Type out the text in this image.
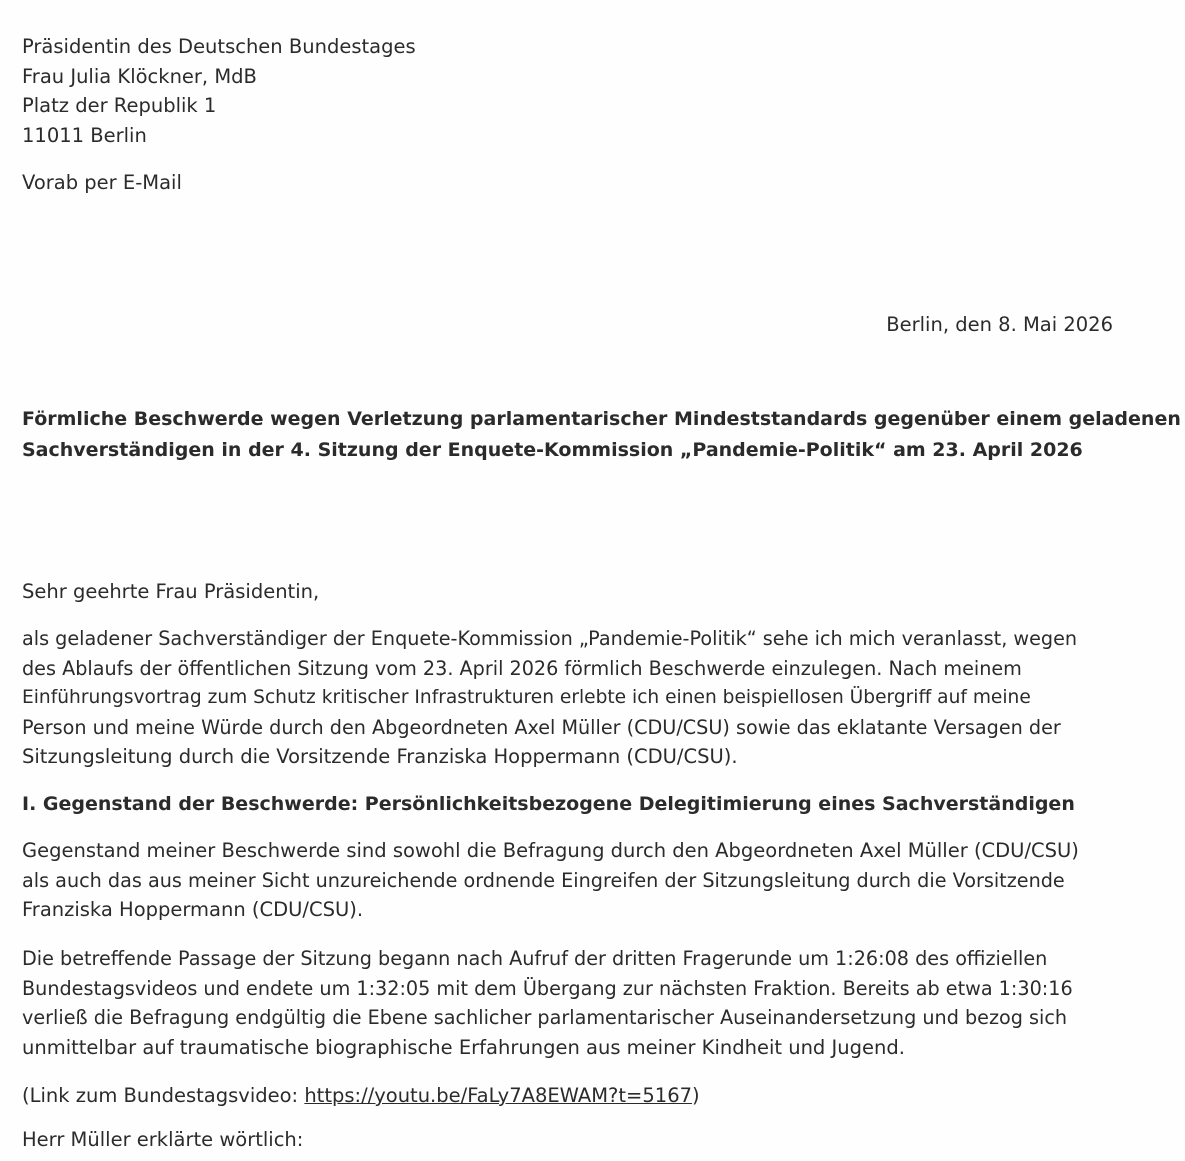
Präsidentin des Deutschen Bundestages
Frau Julia Klöckner, MdB
Platz der Republik 1
11011 Berlin
Vorab per E-Mail
Berlin, den 8. Mai 2026
Förmliche Beschwerde wegen Verletzung parlamentarischer Mindeststandards gegenüber einem geladenen
Sachverständigen in der 4. Sitzung der Enquete-Kommission „Pandemie-Politik“ am 23. April 2026
Sehr geehrte Frau Präsidentin,
als geladener Sachverständiger der Enquete-Kommission „Pandemie-Politik“ sehe ich mich veranlasst, wegen
des Ablaufs der öffentlichen Sitzung vom 23. April 2026 förmlich Beschwerde einzulegen. Nach meinem
Einführungsvortrag zum Schutz kritischer Infrastrukturen erlebte ich einen beispiellosen Übergriff auf meine
Person und meine Würde durch den Abgeordneten Axel Müller (CDU/CSU) sowie das eklatante Versagen der
Sitzungsleitung durch die Vorsitzende Franziska Hoppermann (CDU/CSU).
I. Gegenstand der Beschwerde: Persönlichkeitsbezogene Delegitimierung eines Sachverständigen
Gegenstand meiner Beschwerde sind sowohl die Befragung durch den Abgeordneten Axel Müller (CDU/CSU)
als auch das aus meiner Sicht unzureichende ordnende Eingreifen der Sitzungsleitung durch die Vorsitzende
Franziska Hoppermann (CDU/CSU).
Die betreffende Passage der Sitzung begann nach Aufruf der dritten Fragerunde um 1:26:08 des offiziellen
Bundestagsvideos und endete um 1:32:05 mit dem Übergang zur nächsten Fraktion. Bereits ab etwa 1:30:16
verließ die Befragung endgültig die Ebene sachlicher parlamentarischer Auseinandersetzung und bezog sich
unmittelbar auf traumatische biographische Erfahrungen aus meiner Kindheit und Jugend.
(Link zum Bundestagsvideo: https://youtu.be/FaLy7A8EWAM?t=5167)
Herr Müller erklärte wörtlich:
